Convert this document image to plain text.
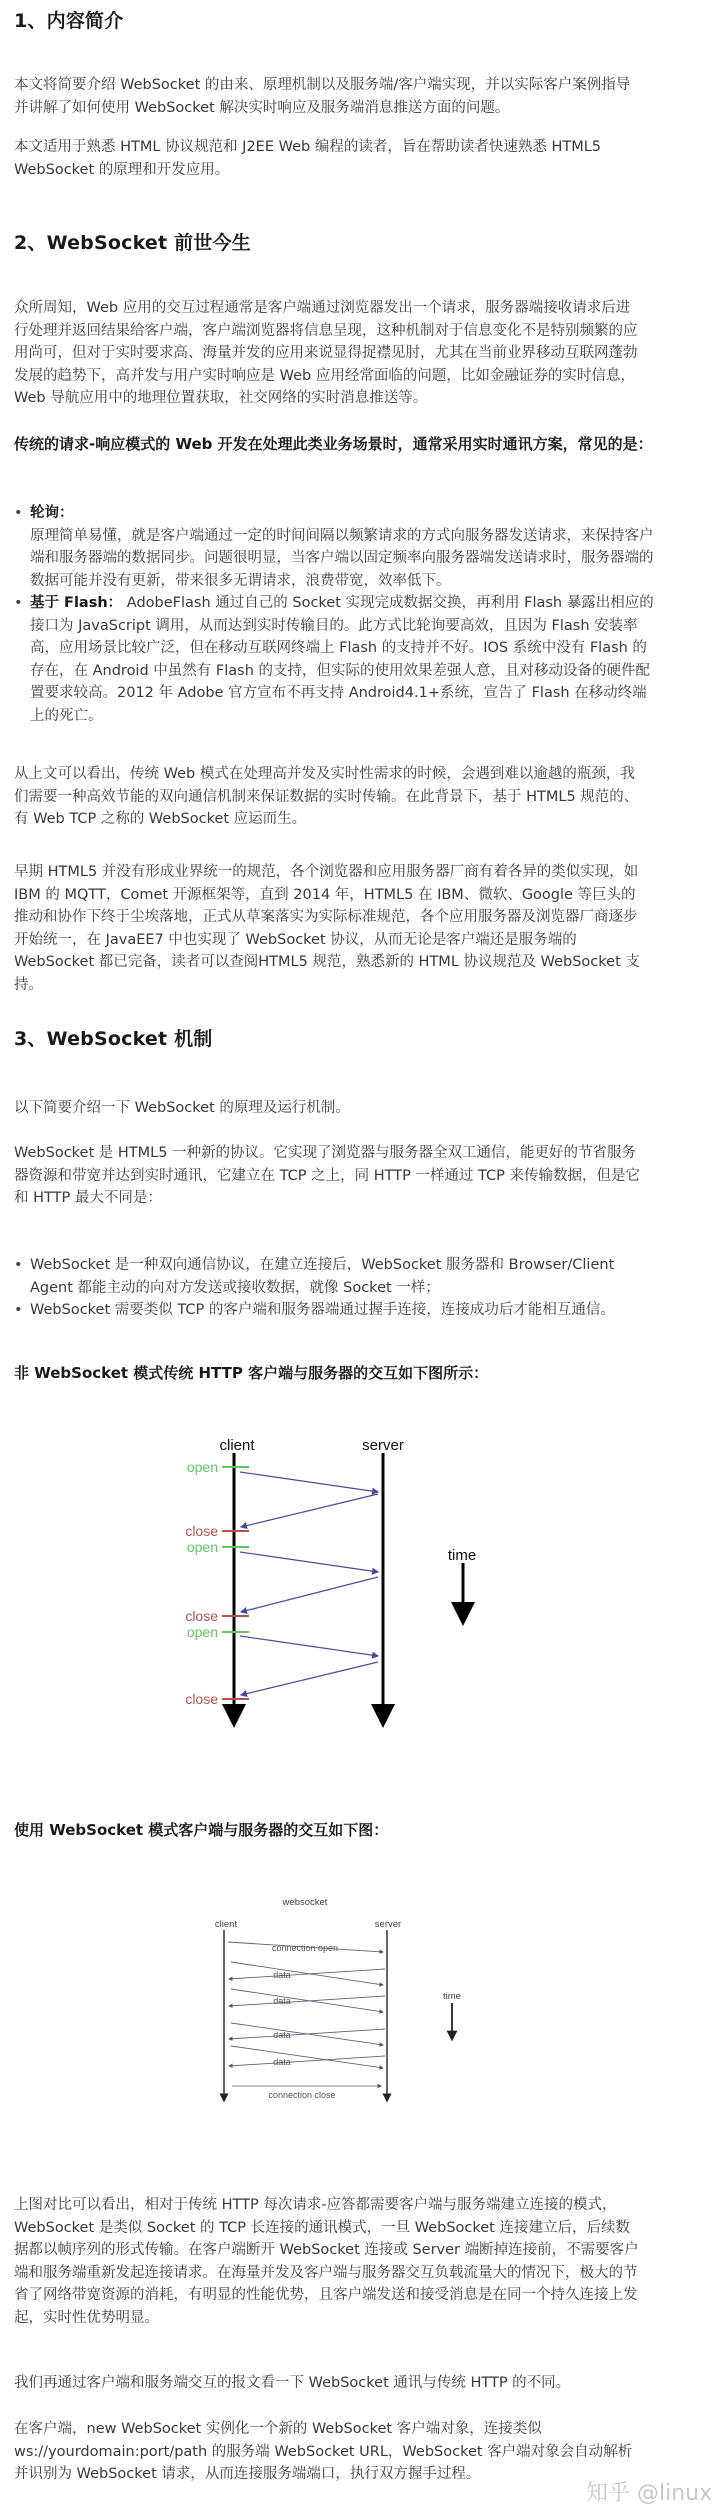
1、内容简介
本文将简要介绍 WebSocket 的由来、原理机制以及服务端/客户端实现，并以实际客户案例指导并讲解了如何使用 WebSocket 解决实时响应及服务端消息推送方面的问题。
本文适用于熟悉 HTML 协议规范和 J2EE Web 编程的读者，旨在帮助读者快速熟悉 HTML5 WebSocket 的原理和开发应用。
2、WebSocket 前世今生
众所周知，Web 应用的交互过程通常是客户端通过浏览器发出一个请求，服务器端接收请求后进行处理并返回结果给客户端，客户端浏览器将信息呈现，这种机制对于信息变化不是特别频繁的应用尚可，但对于实时要求高、海量并发的应用来说显得捉襟见肘，尤其在当前业界移动互联网蓬勃发展的趋势下，高并发与用户实时响应是 Web 应用经常面临的问题，比如金融证券的实时信息，Web 导航应用中的地理位置获取，社交网络的实时消息推送等。
传统的请求-响应模式的 Web 开发在处理此类业务场景时，通常采用实时通讯方案，常见的是：
• 轮询：
原理简单易懂，就是客户端通过一定的时间间隔以频繁请求的方式向服务器发送请求，来保持客户端和服务器端的数据同步。问题很明显，当客户端以固定频率向服务器端发送请求时，服务器端的数据可能并没有更新，带来很多无谓请求，浪费带宽，效率低下。
• 基于 Flash： AdobeFlash 通过自己的 Socket 实现完成数据交换，再利用 Flash 暴露出相应的接口为 JavaScript 调用，从而达到实时传输目的。此方式比轮询要高效，且因为 Flash 安装率高，应用场景比较广泛，但在移动互联网终端上 Flash 的支持并不好。IOS 系统中没有 Flash 的存在，在 Android 中虽然有 Flash 的支持，但实际的使用效果差强人意，且对移动设备的硬件配置要求较高。2012 年 Adobe 官方宣布不再支持 Android4.1+系统，宣告了 Flash 在移动终端上的死亡。
从上文可以看出，传统 Web 模式在处理高并发及实时性需求的时候，会遇到难以逾越的瓶颈，我们需要一种高效节能的双向通信机制来保证数据的实时传输。在此背景下，基于 HTML5 规范的、有 Web TCP 之称的 WebSocket 应运而生。
早期 HTML5 并没有形成业界统一的规范，各个浏览器和应用服务器厂商有着各异的类似实现，如 IBM 的 MQTT，Comet 开源框架等，直到 2014 年，HTML5 在 IBM、微软、Google 等巨头的推动和协作下终于尘埃落地，正式从草案落实为实际标准规范，各个应用服务器及浏览器厂商逐步开始统一，在 JavaEE7 中也实现了 WebSocket 协议，从而无论是客户端还是服务端的 WebSocket 都已完备，读者可以查阅HTML5 规范，熟悉新的 HTML 协议规范及 WebSocket 支持。
3、WebSocket 机制
以下简要介绍一下 WebSocket 的原理及运行机制。
WebSocket 是 HTML5 一种新的协议。它实现了浏览器与服务器全双工通信，能更好的节省服务器资源和带宽并达到实时通讯，它建立在 TCP 之上，同 HTTP 一样通过 TCP 来传输数据，但是它和 HTTP 最大不同是：
• WebSocket 是一种双向通信协议，在建立连接后，WebSocket 服务器和 Browser/Client Agent 都能主动的向对方发送或接收数据，就像 Socket 一样；
• WebSocket 需要类似 TCP 的客户端和服务器端通过握手连接，连接成功后才能相互通信。
非 WebSocket 模式传统 HTTP 客户端与服务器的交互如下图所示：
client	server
open
close
open
close
open
close
time
使用 WebSocket 模式客户端与服务器的交互如下图：
websocket
client	server
connection open
data
data
data
data
connection close
time
上图对比可以看出，相对于传统 HTTP 每次请求-应答都需要客户端与服务端建立连接的模式，WebSocket 是类似 Socket 的 TCP 长连接的通讯模式，一旦 WebSocket 连接建立后，后续数据都以帧序列的形式传输。在客户端断开 WebSocket 连接或 Server 端断掉连接前，不需要客户端和服务端重新发起连接请求。在海量并发及客户端与服务器交互负载流量大的情况下，极大的节省了网络带宽资源的消耗，有明显的性能优势，且客户端发送和接受消息是在同一个持久连接上发起，实时性优势明显。
我们再通过客户端和服务端交互的报文看一下 WebSocket 通讯与传统 HTTP 的不同。
在客户端，new WebSocket 实例化一个新的 WebSocket 客户端对象，连接类似 ws://yourdomain:port/path 的服务端 WebSocket URL，WebSocket 客户端对象会自动解析并识别为 WebSocket 请求，从而连接服务端端口，执行双方握手过程。
知乎 @linux
